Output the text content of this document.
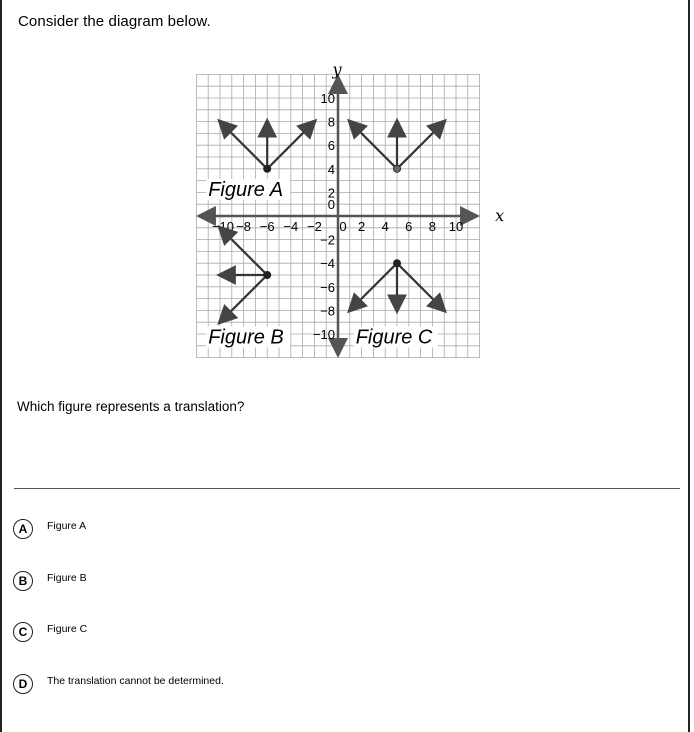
Consider the diagram below.
−10 −8 −6 −4 −2 0 2 4 6 8 10
10
8
6
4
2
0
−2
−4
−6
−8
−10
y
x
Figure A
Figure B	Figure C
Which figure represents a translation?
A	Figure A
B	Figure B
C	Figure C
D	The translation cannot be determined.
